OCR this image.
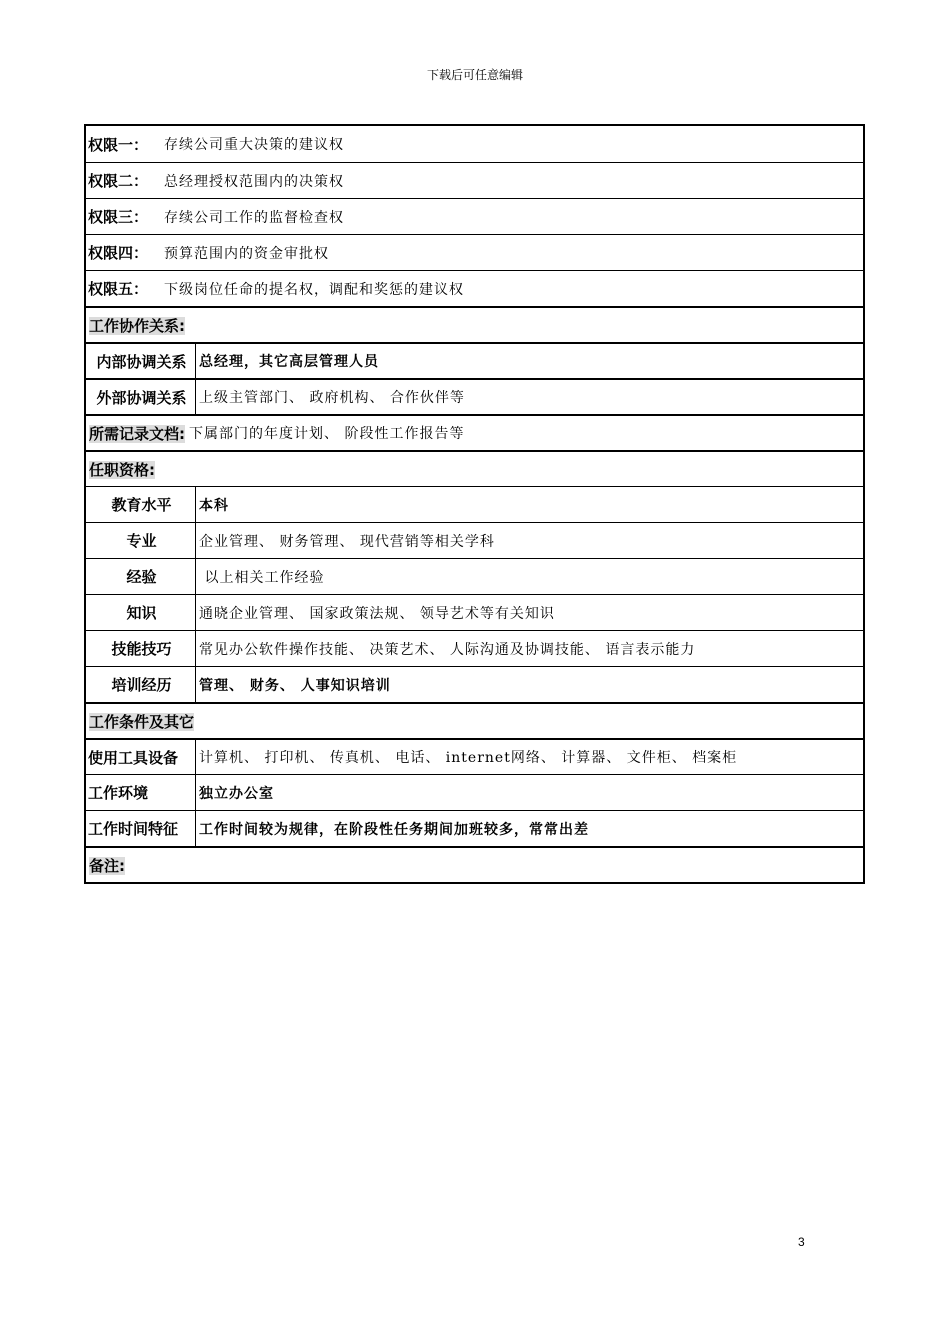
下载后可任意编辑
权限一：	存续公司重大决策的建议权
权限二：	总经理授权范围内的决策权
权限三：	存续公司工作的监督检查权
权限四：	预算范围内的资金审批权
权限五：	下级岗位任命的提名权，调配和奖惩的建议权
工作协作关系:
内部协调关系 总经理，其它高层管理人员
外部协调关系 上级主管部门、 政府机构、 合作伙伴等
所需记录文档: 下属部门的年度计划、 阶段性工作报告等
任职资格:
教育水平 本科
专业	企业管理、 财务管理、 现代营销等相关学科
经验	以上相关工作经验
知识	通晓企业管理、 国家政策法规、 领导艺术等有关知识
技能技巧 常见办公软件操作技能、 决策艺术、 人际沟通及协调技能、 语言表示能力
培训经历 管理、 财务、 人事知识培训
工作条件及其它
使用工具设备 计算机、 打印机、 传真机、 电话、 internet网络、 计算器、 文件柜、 档案柜
工作环境	独立办公室
工作时间特征 工作时间较为规律，在阶段性任务期间加班较多，常常出差
备注:
3
